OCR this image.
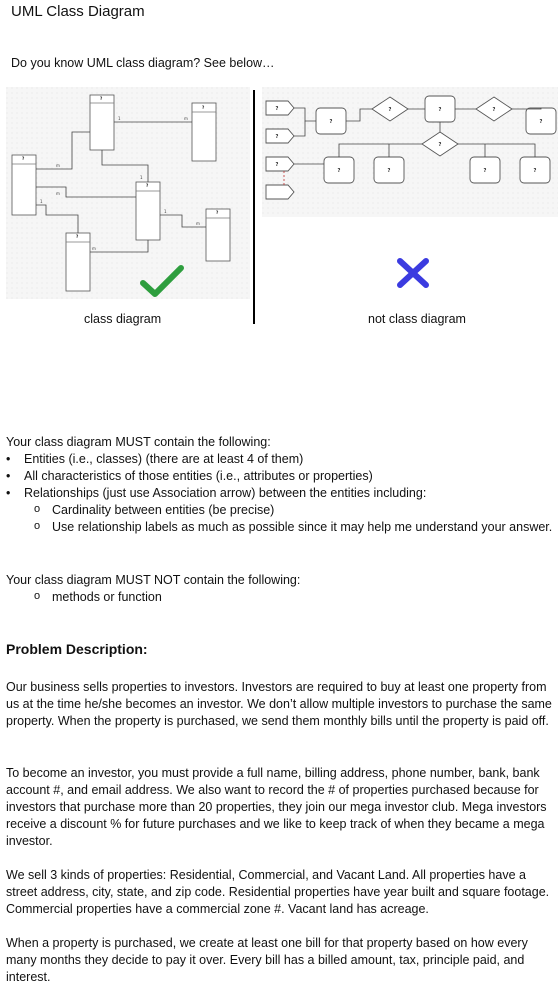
UML Class Diagram
Do you know UML class diagram? See below…
?
?
?
?
?
?
m
m
m
m
m
1
1
1
1
?
?
?
?
?	?	?
?
?
?	?	?	?
class diagram	not class diagram
Your class diagram MUST contain the following:
• Entities (i.e., classes) (there are at least 4 of them)
• All characteristics of those entities (i.e., attributes or properties)
• Relationships (just use Association arrow) between the entities including:
o Cardinality between entities (be precise)
o Use relationship labels as much as possible since it may help me understand your answer.
Your class diagram MUST NOT contain the following:
o methods or function
Problem Description:

Our business sells properties to investors. Investors are required to buy at least one property from us at the time he/she becomes an investor. We don’t allow multiple investors to purchase the same property. When the property is purchased, we send them monthly bills until the property is paid off.

To become an investor, you must provide a full name, billing address, phone number, bank, bank account #, and email address. We also want to record the # of properties purchased because for investors that purchase more than 20 properties, they join our mega investor club. Mega investors receive a discount % for future purchases and we like to keep track of when they became a mega investor.

We sell 3 kinds of properties: Residential, Commercial, and Vacant Land. All properties have a street address, city, state, and zip code. Residential properties have year built and square footage. Commercial properties have a commercial zone #. Vacant land has acreage.

When a property is purchased, we create at least one bill for that property based on how every many months they decide to pay it over. Every bill has a billed amount, tax, principle paid, and interest.
